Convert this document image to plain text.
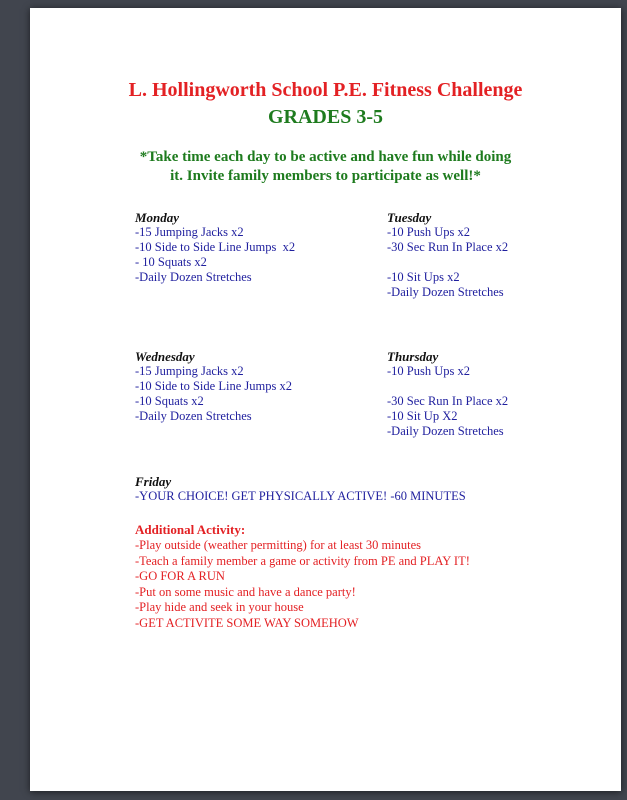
L. Hollingworth School P.E. Fitness Challenge
GRADES 3-5

*Take time each day to be active and have fun while doing
it. Invite family members to participate as well!*

Monday
-15 Jumping Jacks x2
-10 Side to Side Line Jumps  x2
- 10 Squats x2
-Daily Dozen Stretches
Tuesday
-10 Push Ups x2
-30 Sec Run In Place x2
-10 Sit Ups x2
-Daily Dozen Stretches
Wednesday
-15 Jumping Jacks x2
-10 Side to Side Line Jumps x2
-10 Squats x2
-Daily Dozen Stretches
Thursday
-10 Push Ups x2
-30 Sec Run In Place x2
-10 Sit Up X2
-Daily Dozen Stretches
Friday
-YOUR CHOICE! GET PHYSICALLY ACTIVE! -60 MINUTES
Additional Activity:
-Play outside (weather permitting) for at least 30 minutes
-Teach a family member a game or activity from PE and PLAY IT!
-GO FOR A RUN
-Put on some music and have a dance party!
-Play hide and seek in your house
-GET ACTIVITE SOME WAY SOMEHOW
